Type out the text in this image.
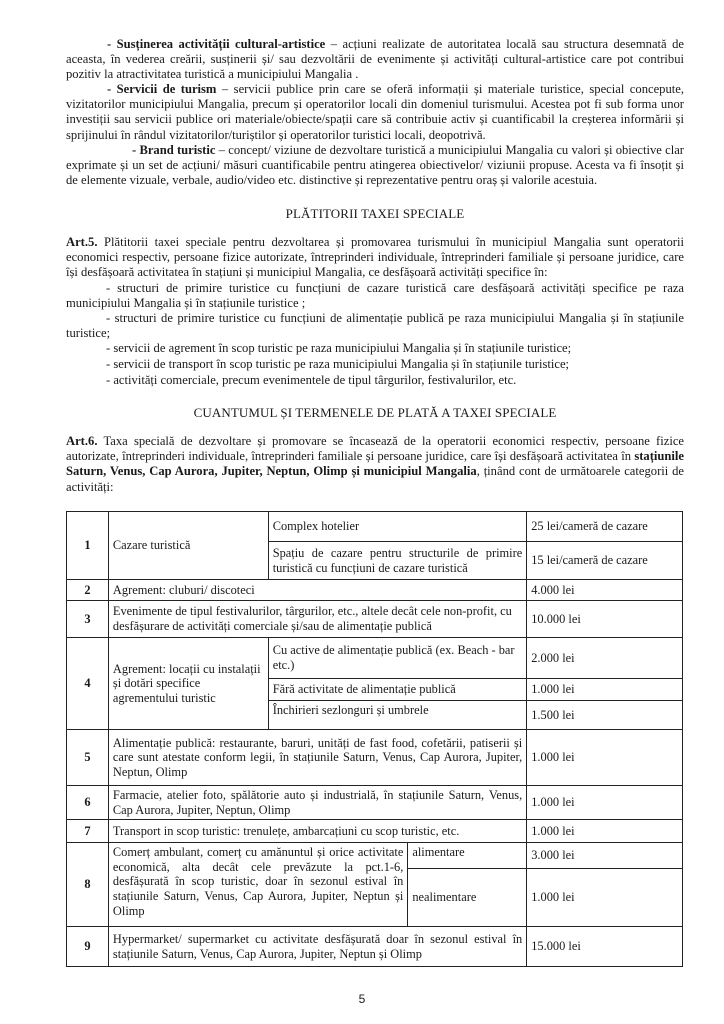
- Susținerea activității cultural-artistice – acțiuni realizate de autoritatea locală sau structura desemnată de aceasta, în vederea creării, susținerii și/ sau dezvoltării de evenimente și activități cultural-artistice care pot contribui pozitiv la atractivitatea turistică a municipiului Mangalia .

- Servicii de turism – servicii publice prin care se oferă informații și materiale turistice, special concepute, vizitatorilor municipiului Mangalia, precum și operatorilor locali din domeniul turismului. Acestea pot fi sub forma unor investiții sau servicii publice ori materiale/obiecte/spații care să contribuie activ și cuantificabil la creșterea informării și sprijinului în rândul vizitatorilor/turiștilor și operatorilor turistici locali, deopotrivă.

- Brand turistic – concept/ viziune de dezvoltare turistică a municipiului Mangalia cu valori și obiective clar exprimate și un set de acțiuni/ măsuri cuantificabile pentru atingerea obiectivelor/ viziunii propuse. Acesta va fi însoțit și de elemente vizuale, verbale, audio/video etc. distinctive și reprezentative pentru oraș și valorile acestuia.

PLĂTITORII TAXEI SPECIALE

Art.5. Plătitorii taxei speciale pentru dezvoltarea și promovarea turismului în municipiul Mangalia sunt operatorii economici respectiv, persoane fizice autorizate, întreprinderi individuale, întreprinderi familiale și persoane juridice, care își desfășoară activitatea în stațiuni și municipiul Mangalia, ce desfășoară activități specifice în:

- structuri de primire turistice cu funcțiuni de cazare turistică care desfășoară activități specifice pe raza municipiului Mangalia și în stațiunile turistice ;

- structuri de primire turistice cu funcțiuni de alimentație publică pe raza municipiului Mangalia și în stațiunile turistice;

- servicii de agrement în scop turistic pe raza municipiului Mangalia și în stațiunile turistice;

- servicii de transport în scop turistic pe raza municipiului Mangalia și în stațiunile turistice;

- activități comerciale, precum evenimentele de tipul târgurilor, festivalurilor, etc.

CUANTUMUL ȘI TERMENELE DE PLATĂ A TAXEI SPECIALE

Art.6. Taxa specială de dezvoltare și promovare se încasează de la operatorii economici respectiv, persoane fizice autorizate, întreprinderi individuale, întreprinderi familiale și persoane juridice, care își desfășoară activitatea în stațiunile Saturn, Venus, Cap Aurora, Jupiter, Neptun, Olimp și municipiul Mangalia, ținând cont de următoarele categorii de activități:

1	Cazare turistică	Complex hotelier		25 lei/cameră de cazare
		Spațiu de cazare pentru structurile de primire turistică cu funcțiuni de cazare turistică		15 lei/cameră de cazare
2	Agrement: cluburi/ discoteci			4.000 lei
3	Evenimente de tipul festivalurilor, târgurilor, etc., altele decât cele non-profit, cu desfășurare de activități comerciale și/sau de alimentație publică			10.000 lei
4	Agrement: locații cu instalații și dotări specifice agrementului turistic	Cu active de alimentație publică (ex. Beach - bar etc.)		2.000 lei
		Fără activitate de alimentație publică		1.000 lei
		Închirieri sezlonguri și umbrele		1.500 lei
5	Alimentație publică: restaurante, baruri, unități de fast food, cofetării, patiserii și care sunt atestate conform legii, în stațiunile Saturn, Venus, Cap Aurora, Jupiter, Neptun, Olimp			1.000 lei
6	Farmacie, atelier foto, spălătorie auto și industrială, în stațiunile Saturn, Venus, Cap Aurora, Jupiter, Neptun, Olimp			1.000 lei
7	Transport in scop turistic: trenulețe, ambarcațiuni cu scop turistic, etc.			1.000 lei
8	Comerț ambulant, comerț cu amănuntul și orice activitate economică, alta decât cele prevăzute la pct.1-6, desfășurată în scop turistic, doar în sezonul estival în stațiunile Saturn, Venus, Cap Aurora, Jupiter, Neptun și Olimp		alimentare	3.000 lei
			nealimentare	1.000 lei
9	Hypermarket/ supermarket cu activitate desfășurată doar în sezonul estival în stațiunile Saturn, Venus, Cap Aurora, Jupiter, Neptun și Olimp			15.000 lei
5
